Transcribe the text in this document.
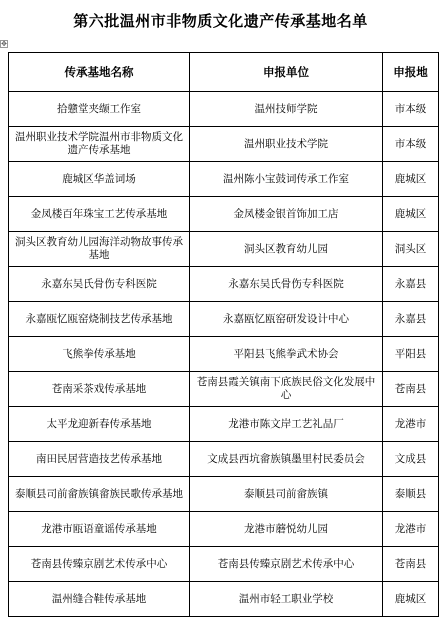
第六批温州市非物质文化遗产传承基地名单
✥
传承基地名称	申报单位	申报地
拾戆堂夹缬工作室	温州技师学院	市本级
温州职业技术学院温州市非物质文化遗产传承基地	温州职业技术学院	市本级
鹿城区华盖词场	温州陈小宝鼓词传承工作室	鹿城区
金凤楼百年珠宝工艺传承基地	金凤楼金银首饰加工店	鹿城区
洞头区教育幼儿园海洋动物故事传承基地	洞头区教育幼儿园	洞头区
永嘉东吴氏骨伤专科医院	永嘉东吴氏骨伤专科医院	永嘉县
永嘉瓯忆瓯窑烧制技艺传承基地	永嘉瓯忆瓯窑研发设计中心	永嘉县
飞熊拳传承基地	平阳县飞熊拳武术协会	平阳县
苍南采茶戏传承基地	苍南县霞关镇南下底族民俗文化发展中心	苍南县
太平龙迎新春传承基地	龙港市陈文岸工艺礼品厂	龙港市
南田民居营造技艺传承基地	文成县西坑畲族镇墨里村民委员会	文成县
泰顺县司前畲族镇畲族民歌传承基地	泰顺县司前畲族镇	泰顺县
龙港市瓯语童谣传承基地	龙港市蘑悦幼儿园	龙港市
苍南县传臻京剧艺术传承中心	苍南县传臻京剧艺术传承中心	苍南县
温州缝合鞋传承基地	温州市轻工职业学校	鹿城区
